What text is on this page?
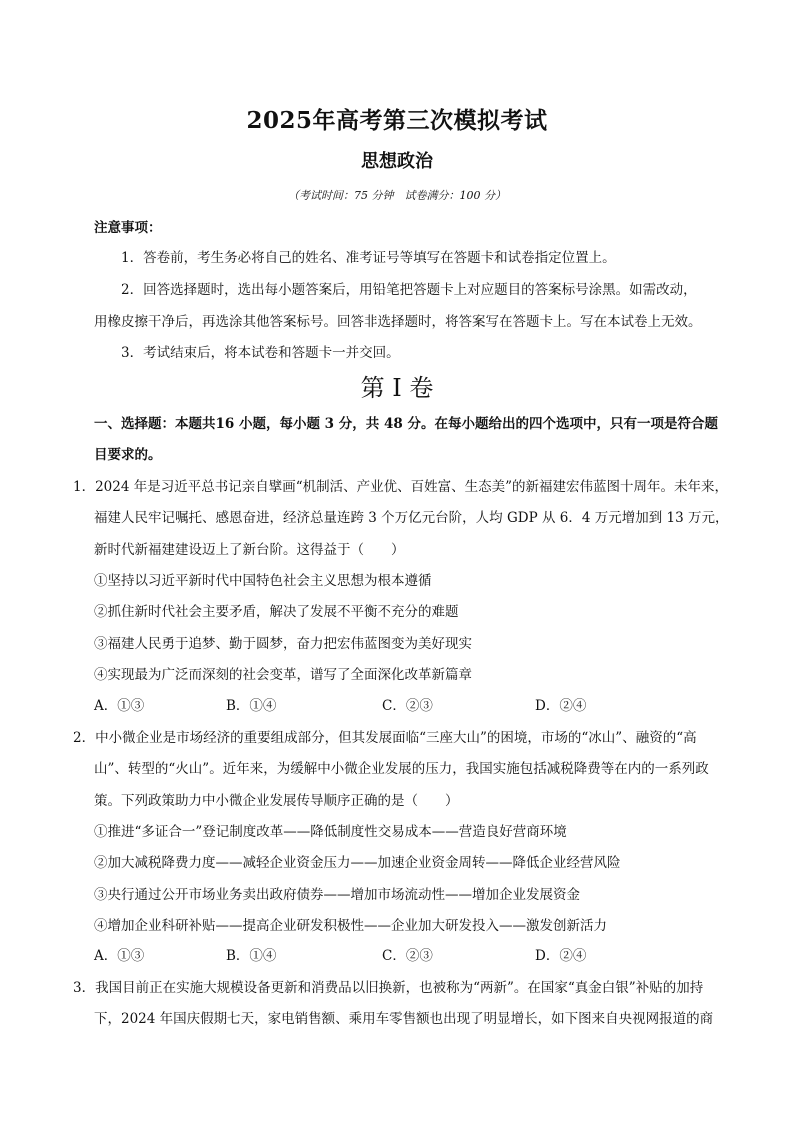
2025年高考第三次模拟考试
思想政治
（考试时间：75 分钟　试卷满分：100 分）
注意事项：
1．答卷前，考生务必将自己的姓名、准考证号等填写在答题卡和试卷指定位置上。
2．回答选择题时，选出每小题答案后，用铅笔把答题卡上对应题目的答案标号涂黑。如需改动，
用橡皮擦干净后，再选涂其他答案标号。回答非选择题时，将答案写在答题卡上。写在本试卷上无效。
3．考试结束后，将本试卷和答题卡一并交回。
第 I 卷
一、选择题：本题共16 小题，每小题 3 分，共 48 分。在每小题给出的四个选项中，只有一项是符合题
目要求的。
1．2024 年是习近平总书记亲自擘画“机制活、产业优、百姓富、生态美”的新福建宏伟蓝图十周年。未年来，
福建人民牢记嘱托、感恩奋进，经济总量连跨 3 个万亿元台阶，人均 GDP 从 6．4 万元增加到 13 万元，
新时代新福建建设迈上了新台阶。这得益于（　　）
①坚持以习近平新时代中国特色社会主义思想为根本遵循
②抓住新时代社会主要矛盾，解决了发展不平衡不充分的难题
③福建人民勇于追梦、勤于圆梦，奋力把宏伟蓝图变为美好现实
④实现最为广泛而深刻的社会变革，谱写了全面深化改革新篇章
A．①③	B．①④	C．②③	D．②④
2．中小微企业是市场经济的重要组成部分，但其发展面临“三座大山”的困境，市场的“冰山”、融资的“高
山”、转型的“火山”。近年来，为缓解中小微企业发展的压力，我国实施包括减税降费等在内的一系列政
策。下列政策助力中小微企业发展传导顺序正确的是（　　）
①推进“多证合一”登记制度改革——降低制度性交易成本——营造良好营商环境
②加大减税降费力度——减轻企业资金压力——加速企业资金周转——降低企业经营风险
③央行通过公开市场业务卖出政府债券——增加市场流动性——增加企业发展资金
④增加企业科研补贴——提高企业研发积极性——企业加大研发投入——激发创新活力
A．①③	B．①④	C．②③	D．②④
3．我国目前正在实施大规模设备更新和消费品以旧换新，也被称为“两新”。在国家“真金白银”补贴的加持
下，2024 年国庆假期七天，家电销售额、乘用车零售额也出现了明显增长，如下图来自央视网报道的商
